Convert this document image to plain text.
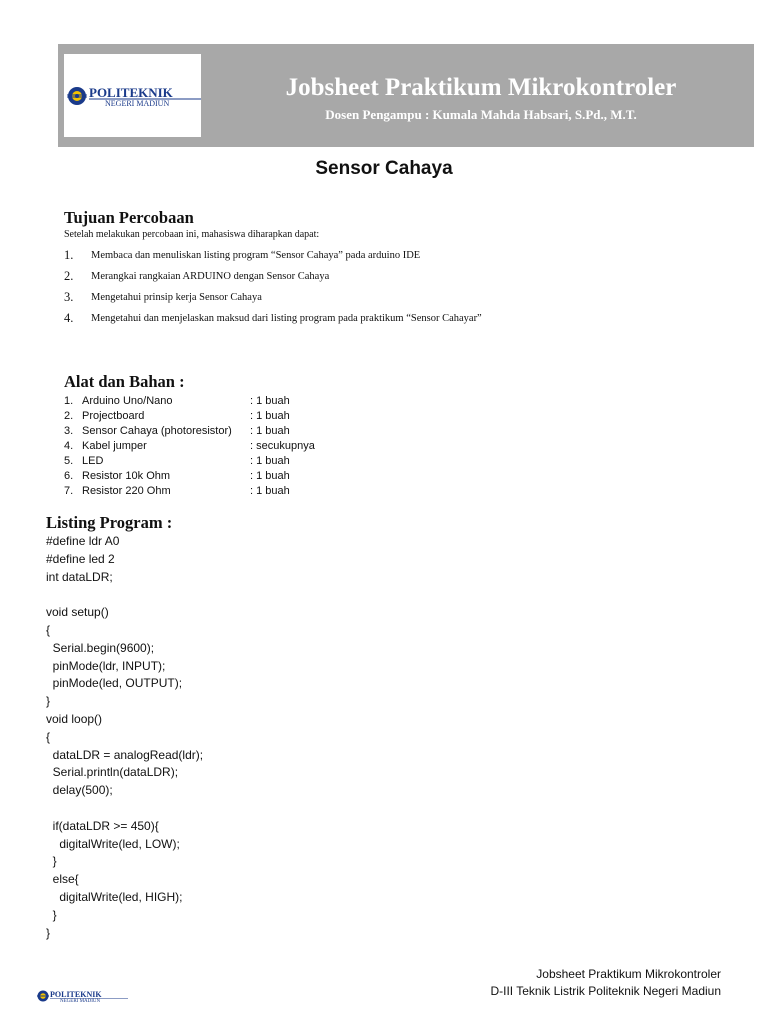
POLITEKNIK
NEGERI MADIUN
Jobsheet Praktikum Mikrokontroler
Dosen Pengampu : Kumala Mahda Habsari, S.Pd., M.T.
Sensor Cahaya
Tujuan Percobaan
Setelah melakukan percobaan ini, mahasiswa diharapkan dapat:
1.	Membaca dan menuliskan listing program “Sensor Cahaya” pada arduino IDE
2.	Merangkai rangkaian ARDUINO dengan Sensor Cahaya
3.	Mengetahui prinsip kerja Sensor Cahaya
4.	Mengetahui dan menjelaskan maksud dari listing program pada praktikum “Sensor Cahayar”
Alat dan Bahan :
1. Arduino Uno/Nano	: 1 buah
2. Projectboard	: 1 buah
3. Sensor Cahaya (photoresistor)	: 1 buah
4. Kabel jumper	: secukupnya
5. LED	: 1 buah
6. Resistor 10k Ohm	: 1 buah
7. Resistor 220 Ohm	: 1 buah
Listing Program :
#define ldr A0
#define led 2
int dataLDR;
void setup()
{
Serial.begin(9600);
pinMode(ldr, INPUT);
pinMode(led, OUTPUT);
}
void loop()
{
dataLDR = analogRead(ldr);
Serial.println(dataLDR);
delay(500);
if(dataLDR >= 450){
digitalWrite(led, LOW);
}
else{
digitalWrite(led, HIGH);
}
}
Jobsheet Praktikum Mikrokontroler
D-III Teknik Listrik Politeknik Negeri Madiun
POLITEKNIK
NEGERI MADIUN
